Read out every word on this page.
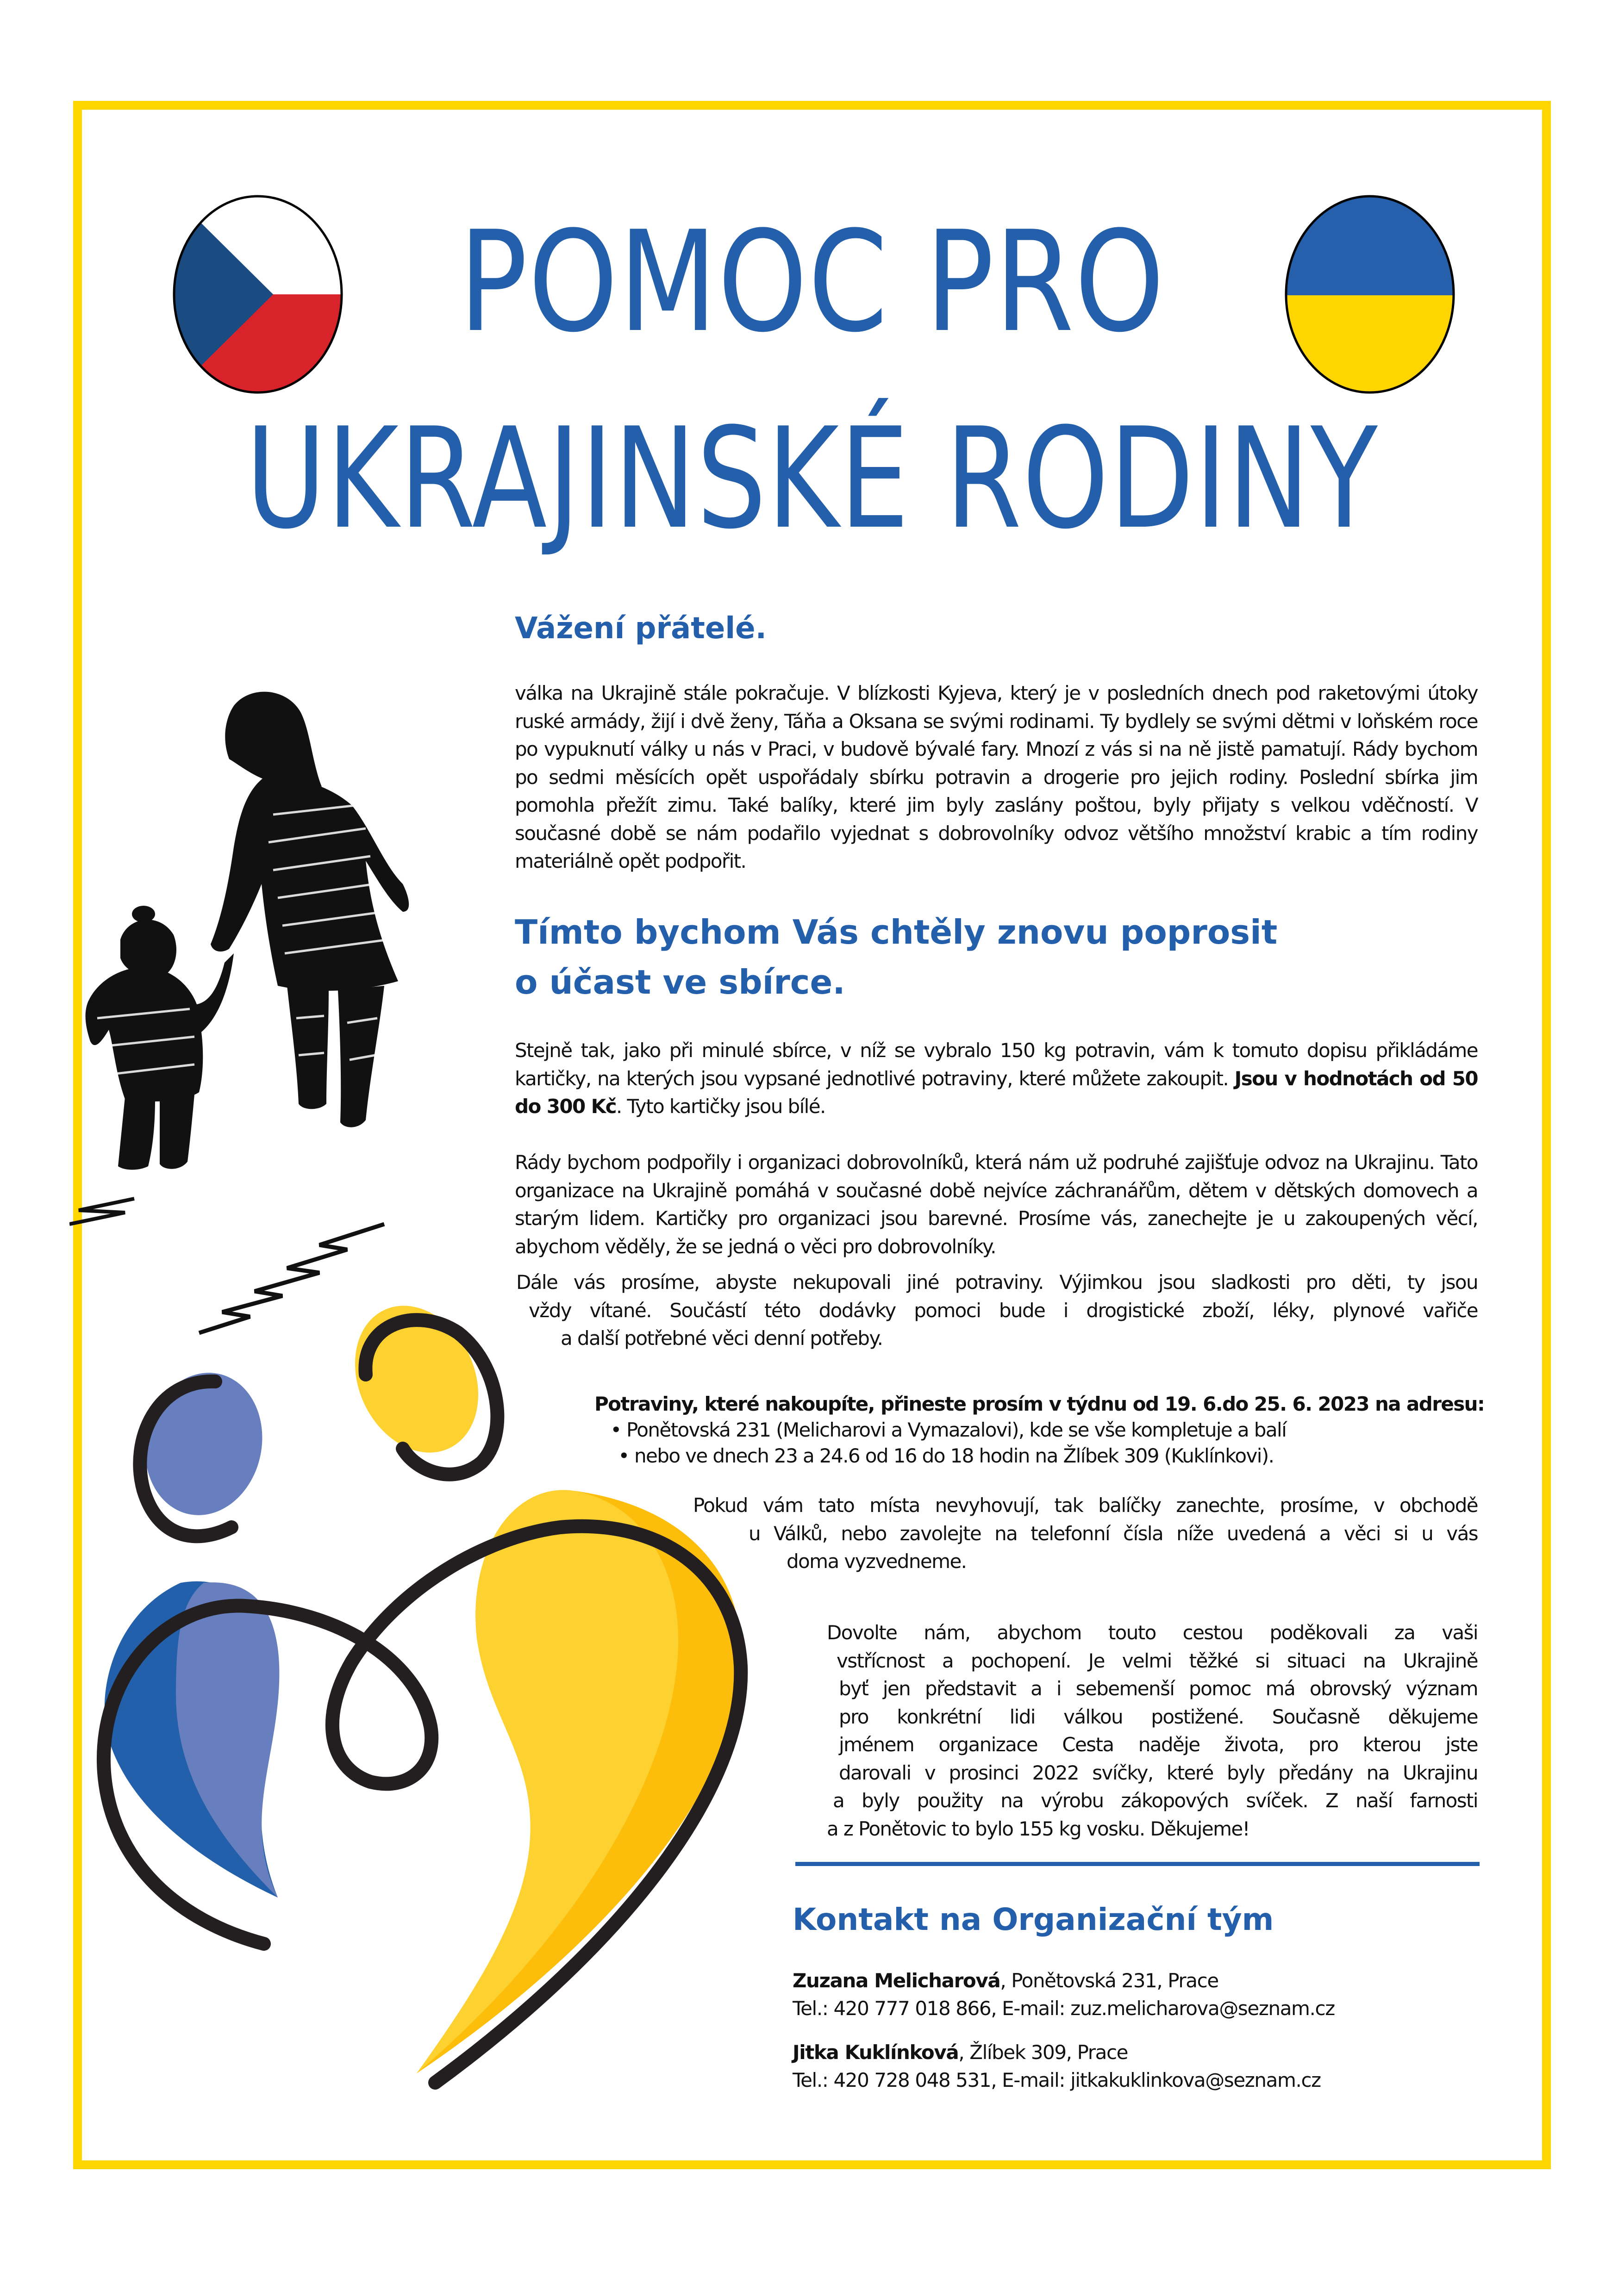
POMOC PRO
UKRAJINSKÉ RODINY
Vážení přátelé.

válka na Ukrajině stále pokračuje. V blízkosti Kyjeva, který je v posledních dnech pod raketovými útoky ruské armády, žijí i dvě ženy, Táňa a Oksana se svými rodinami. Ty bydlely se svými dětmi v loňském roce po vypuknutí války u nás v Praci, v budově bývalé fary. Mnozí z vás si na ně jistě pamatují. Rády bychom po sedmi měsících opět uspořádaly sbírku potravin a drogerie pro jejich rodiny. Poslední sbírka jim pomohla přežít zimu. Také balíky, které jim byly zaslány poštou, byly přijaty s velkou vděčností. V současné době se nám podařilo vyjednat s dobrovolníky odvoz většího množství krabic a tím rodiny materiálně opět podpořit.

Tímto bychom Vás chtěly znovu poprosit
o účast ve sbírce.

Stejně tak, jako při minulé sbírce, v níž se vybralo 150 kg potravin, vám k tomuto dopisu přikládáme kartičky, na kterých jsou vypsané jednotlivé potraviny, které můžete zakoupit. Jsou v hodnotách od 50 do 300 Kč. Tyto kartičky jsou bílé.

Rády bychom podpořily i organizaci dobrovolníků, která nám už podruhé zajišťuje odvoz na Ukrajinu. Tato organizace na Ukrajině pomáhá v současné době nejvíce záchranářům, dětem v dětských domovech a starým lidem. Kartičky pro organizaci jsou barevné. Prosíme vás, zanechejte je u zakoupených věcí, abychom věděly, že se jedná o věci pro dobrovolníky.

Dále vás prosíme, abyste nekupovali jiné potraviny. Výjimkou jsou sladkosti pro děti, ty jsou
vždy vítané. Součástí této dodávky pomoci bude i drogistické zboží, léky, plynové vařiče
a další potřebné věci denní potřeby.

Potraviny, které nakoupíte, přineste prosím v týdnu od 19. 6.do 25. 6. 2023 na adresu:
• Ponětovská 231 (Melicharovi a Vymazalovi), kde se vše kompletuje a balí
• nebo ve dnech 23 a 24.6 od 16 do 18 hodin na Žlíbek 309 (Kuklínkovi).

Pokud vám tato místa nevyhovují, tak balíčky zanechte, prosíme, v obchodě
u Válků, nebo zavolejte na telefonní čísla níže uvedená a věci si u vás
doma vyzvedneme.

Dovolte nám, abychom touto cestou poděkovali za vaši
vstřícnost a pochopení. Je velmi těžké si situaci na Ukrajině
byť jen představit a i sebemenší pomoc má obrovský význam
pro konkrétní lidi válkou postižené. Současně děkujeme
jménem organizace Cesta naděje života, pro kterou jste
darovali v prosinci 2022 svíčky, které byly předány na Ukrajinu
a byly použity na výrobu zákopových svíček. Z naší farnosti
a z Ponětovic to bylo 155 kg vosku. Děkujeme!

Kontakt na Organizační tým
Zuzana Melicharová, Ponětovská 231, Prace
Tel.: 420 777 018 866, E-mail: zuz.melicharova@seznam.cz
Jitka Kuklínková, Žlíbek 309, Prace
Tel.: 420 728 048 531, E-mail: jitkakuklinkova@seznam.cz
